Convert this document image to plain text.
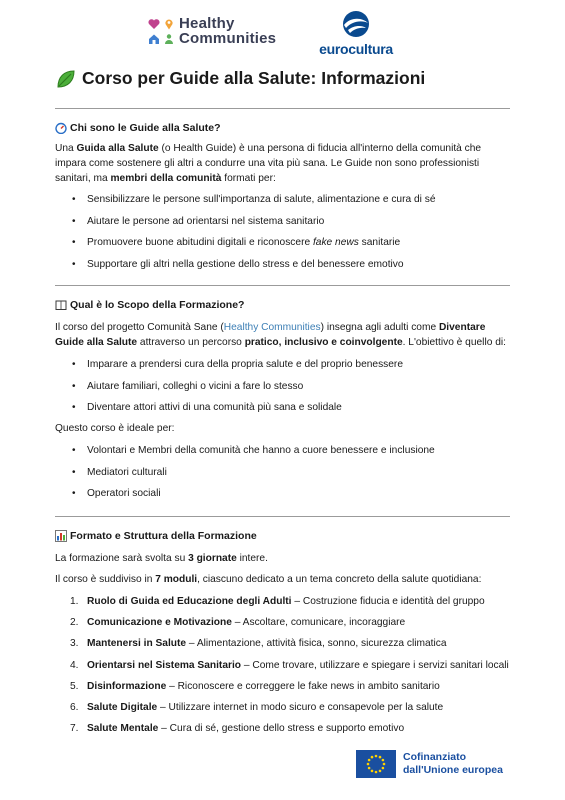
Healthy
Communities
eurocultura
Corso per Guide alla Salute: Informazioni
Chi sono le Guide alla Salute?
Una Guida alla Salute (o Health Guide) è una persona di fiducia all'interno della comunità che impara come sostenere gli altri a condurre una vita più sana. Le Guide non sono professionisti sanitari, ma membri della comunità formati per:
• Sensibilizzare le persone sull'importanza di salute, alimentazione e cura di sé
• Aiutare le persone ad orientarsi nel sistema sanitario
• Promuovere buone abitudini digitali e riconoscere fake news sanitarie
• Supportare gli altri nella gestione dello stress e del benessere emotivo
Qual è lo Scopo della Formazione?
Il corso del progetto Comunità Sane (Healthy Communities) insegna agli adulti come Diventare Guide alla Salute attraverso un percorso pratico, inclusivo e coinvolgente. L'obiettivo è quello di:
• Imparare a prendersi cura della propria salute e del proprio benessere
• Aiutare familiari, colleghi o vicini a fare lo stesso
• Diventare attori attivi di una comunità più sana e solidale
Questo corso è ideale per:
• Volontari e Membri della comunità che hanno a cuore benessere e inclusione
• Mediatori culturali
• Operatori sociali
Formato e Struttura della Formazione
La formazione sarà svolta su 3 giornate intere.
Il corso è suddiviso in 7 moduli, ciascuno dedicato a un tema concreto della salute quotidiana:
1. Ruolo di Guida ed Educazione degli Adulti – Costruzione fiducia e identità del gruppo
2. Comunicazione e Motivazione – Ascoltare, comunicare, incoraggiare
3. Mantenersi in Salute – Alimentazione, attività fisica, sonno, sicurezza climatica
4. Orientarsi nel Sistema Sanitario – Come trovare, utilizzare e spiegare i servizi sanitari locali
5. Disinformazione – Riconoscere e correggere le fake news in ambito sanitario
6. Salute Digitale – Utilizzare internet in modo sicuro e consapevole per la salute
7. Salute Mentale – Cura di sé, gestione dello stress e supporto emotivo
Cofinanziato
dall'Unione europea
